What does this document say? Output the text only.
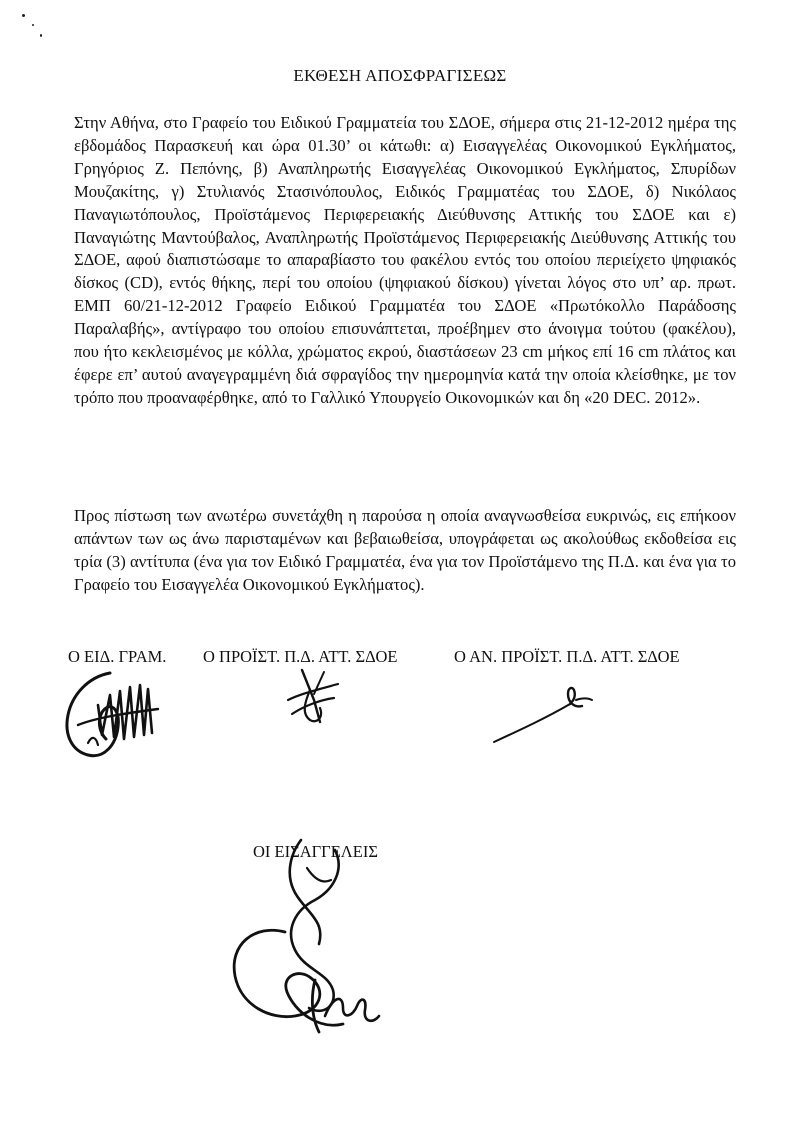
ΕΚΘΕΣΗ ΑΠΟΣΦΡΑΓΙΣΕΩΣ

Στην Αθήνα, στο Γραφείο του Ειδικού Γραμματεία του ΣΔΟΕ, σήμερα στις 21-12-2012 ημέρα της εβδομάδος Παρασκευή και ώρα 01.30’ οι κάτωθι: α) Εισαγγελέας Οικονομικού Εγκλήματος, Γρηγόριος Ζ. Πεπόνης, β) Αναπληρωτής Εισαγγελέας Οικονομικού Εγκλήματος, Σπυρίδων Μουζακίτης, γ) Στυλιανός Στασινόπουλος, Ειδικός Γραμματέας του ΣΔΟΕ, δ) Νικόλαος Παναγιωτόπουλος, Προϊστάμενος Περιφερειακής Διεύθυνσης Αττικής του ΣΔΟΕ και ε) Παναγιώτης Μαντούβαλος, Αναπληρωτής Προϊστάμενος Περιφερειακής Διεύθυνσης Αττικής του ΣΔΟΕ, αφού διαπιστώσαμε το απαραβίαστο του φακέλου εντός του οποίου περιείχετο ψηφιακός δίσκος (CD), εντός θήκης, περί του οποίου (ψηφιακού δίσκου) γίνεται λόγος στο υπ’ αρ. πρωτ. ΕΜΠ 60/21-12-2012 Γραφείο Ειδικού Γραμματέα του ΣΔΟΕ «Πρωτόκολλο Παράδοσης Παραλαβής», αντίγραφο του οποίου επισυνάπτεται, προέβημεν στο άνοιγμα τούτου (φακέλου), που ήτο κεκλεισμένος με κόλλα, χρώματος εκρού, διαστάσεων 23 cm μήκος επί 16 cm πλάτος και έφερε επ’ αυτού αναγεγραμμένη διά σφραγίδος την ημερομηνία κατά την οποία κλείσθηκε, με τον τρόπο που προαναφέρθηκε, από το Γαλλικό Υπουργείο Οικονομικών και δη «20 DEC. 2012».

Προς πίστωση των ανωτέρω συνετάχθη η παρούσα η οποία αναγνωσθείσα ευκρινώς, εις επήκοον απάντων των ως άνω παρισταμένων και βεβαιωθείσα, υπογράφεται ως ακολούθως εκδοθείσα εις τρία (3) αντίτυπα (ένα για τον Ειδικό Γραμματέα, ένα για τον Προϊστάμενο της Π.Δ. και ένα για το Γραφείο του Εισαγγελέα Οικονομικού Εγκλήματος).

Ο ΕΙΔ. ΓΡΑΜ. Ο ΠΡΟΪΣΤ. Π.Δ. ΑΤΤ. ΣΔΟΕ	Ο ΑΝ. ΠΡΟΪΣΤ. Π.Δ. ΑΤΤ. ΣΔΟΕ
ΟΙ ΕΙΣΑΓΓΕΛΕΙΣ
